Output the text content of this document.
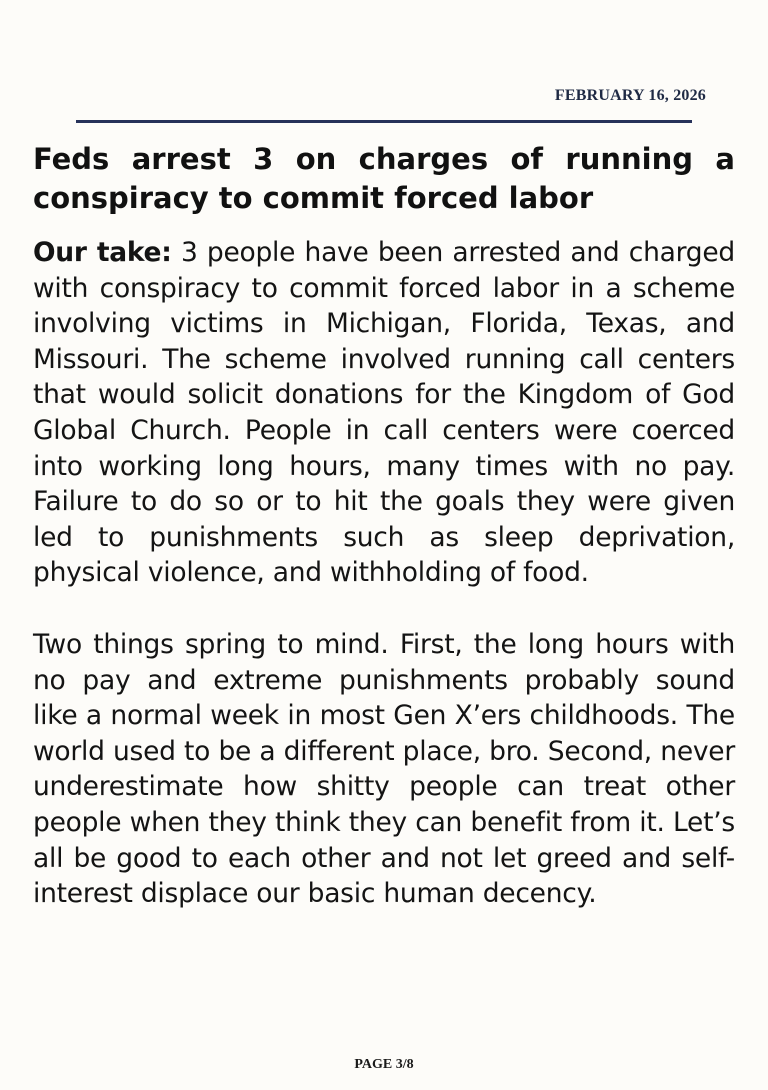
FEBRUARY 16, 2026
Feds arrest 3 on charges of running a conspiracy to commit forced labor

Our take: 3 people have been arrested and charged with conspiracy to commit forced labor in a scheme involving victims in Michigan, Florida, Texas, and Missouri. The scheme involved running call centers that would solicit donations for the Kingdom of God Global Church. People in call centers were coerced into working long hours, many times with no pay. Failure to do so or to hit the goals they were given led to punishments such as sleep deprivation, physical violence, and withholding of food.

Two things spring to mind. First, the long hours with no pay and extreme punishments probably sound like a normal week in most Gen X’ers childhoods. The world used to be a different place, bro. Second, never underestimate how shitty people can treat other people when they think they can benefit from it. Let’s all be good to each other and not let greed and self-interest displace our basic human decency.

PAGE 3/8
